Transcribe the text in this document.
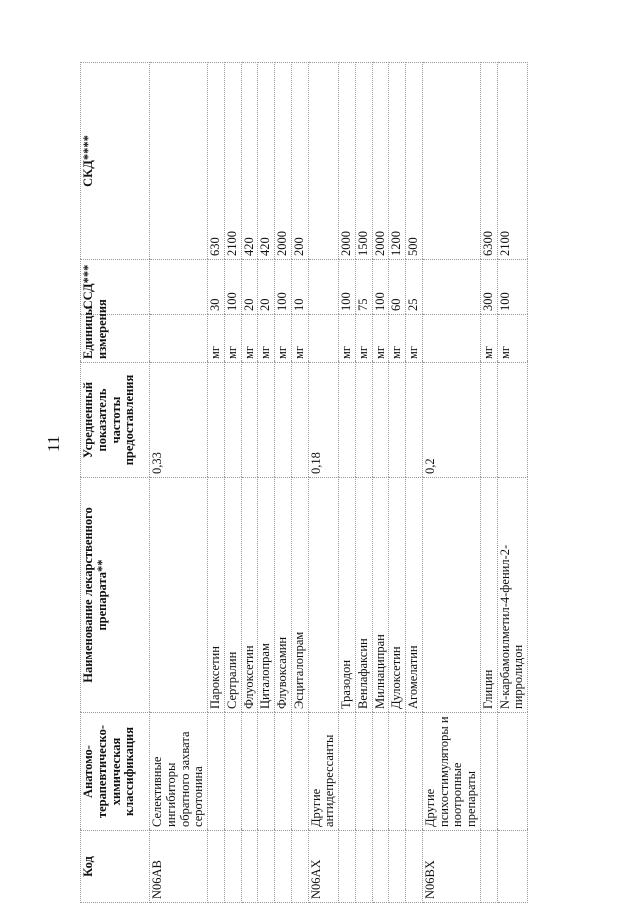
11
Код	Анатомо-терапевтическо-химическая классификация	Наименование лекарственного препарата**	Усредненный показатель частоты предоставления	Единицы измерения	ССД***	СКД****
N06AB	Селективные ингибиторы обратного захвата серотонина		0,33			
		Пароксетин		мг	30	630
		Сертралин		мг	100	2100
		Флуоксетин		мг	20	420
		Циталопрам		мг	20	420
		Флувоксамин		мг	100	2000
		Эсциталопрам		мг	10	200
N06AX	Другие антидепрессанты		0,18			
		Тразодон		мг	100	2000
		Венлафаксин		мг	75	1500
		Милнаципран		мг	100	2000
		Дулоксетин		мг	60	1200
		Агомелатин		мг	25	500
N06BX	Другие психостимуляторы и ноотропные препараты		0,2			
		Глицин		мг	300	6300
		N-карбамоилметил-4-фенил-2-пирролидон		мг	100	2100
